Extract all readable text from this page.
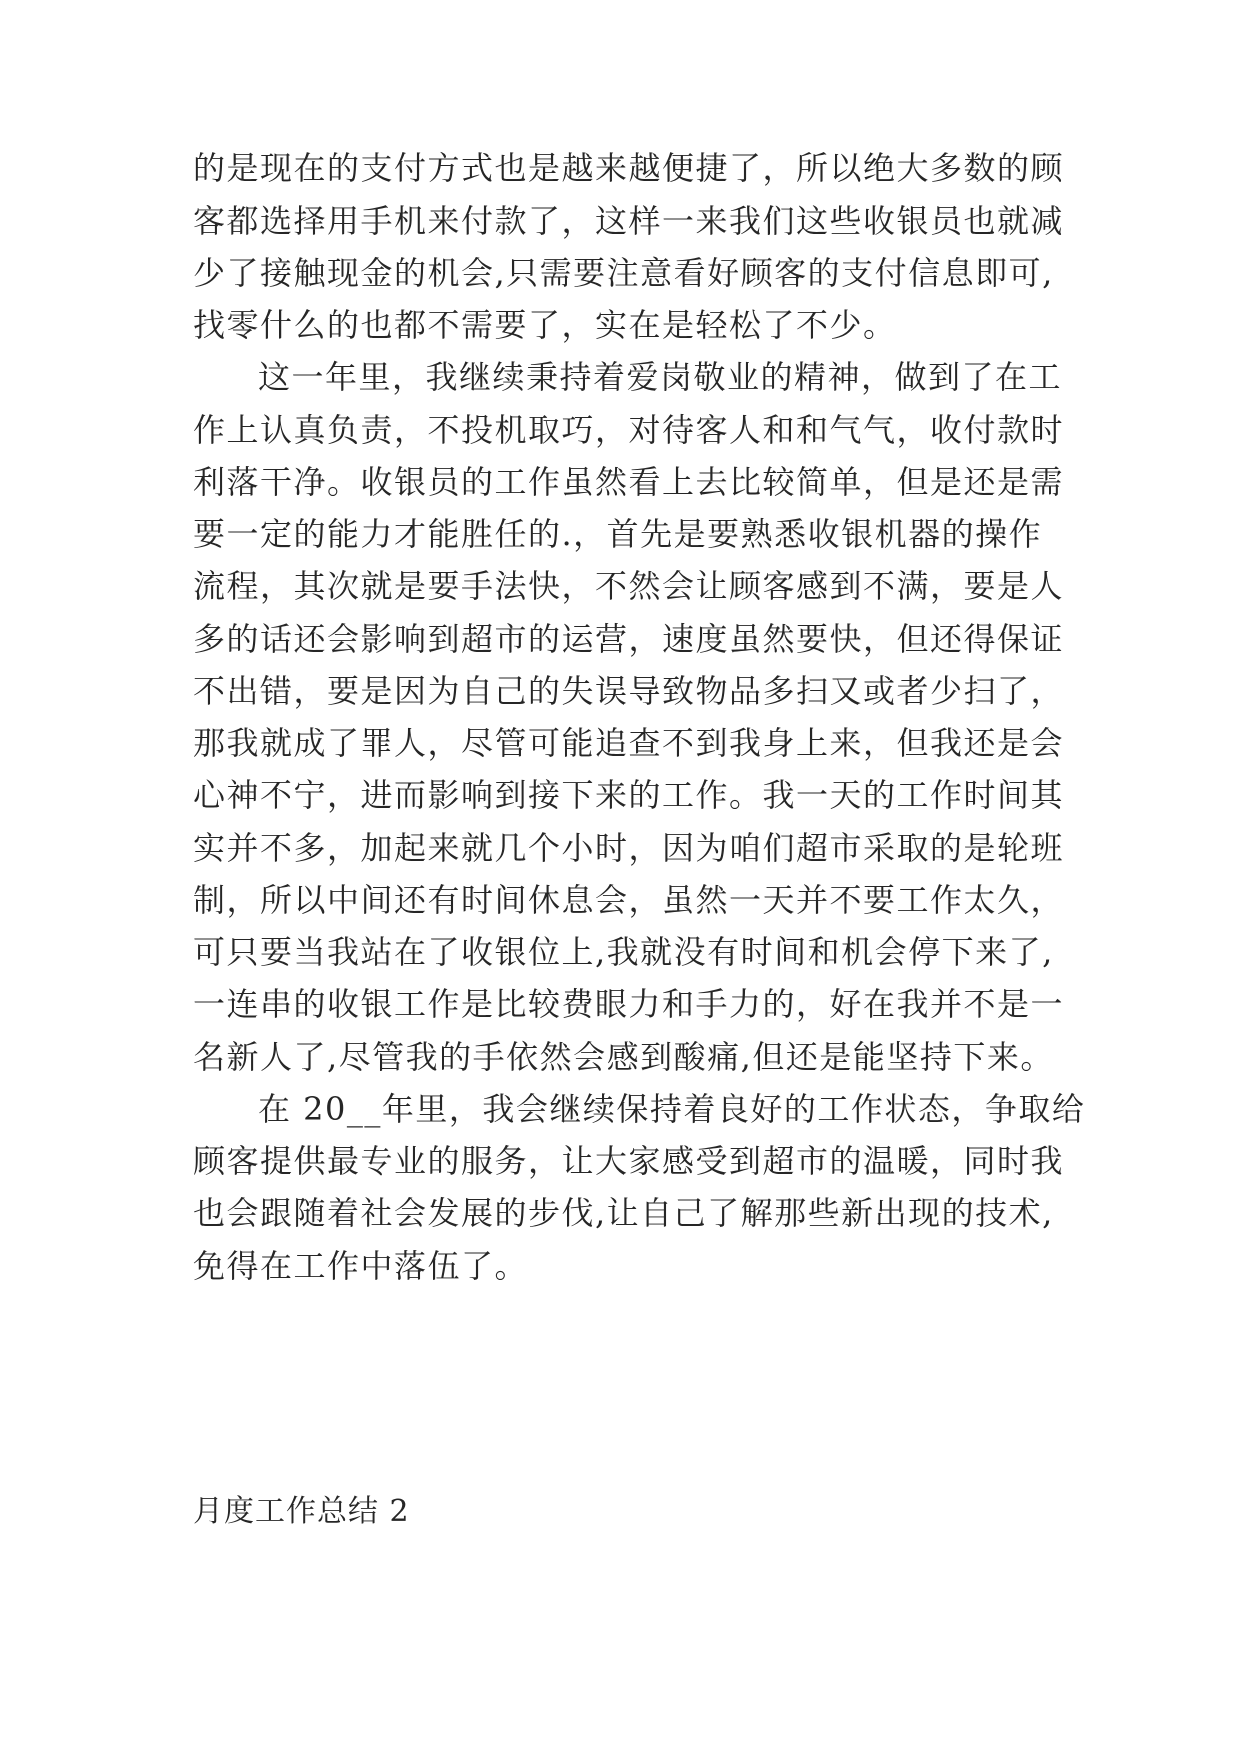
的是现在的支付方式也是越来越便捷了，所以绝大多数的顾
客都选择用手机来付款了，这样一来我们这些收银员也就减
少了接触现金的机会,只需要注意看好顾客的支付信息即可,
找零什么的也都不需要了，实在是轻松了不少。
这一年里，我继续秉持着爱岗敬业的精神，做到了在工
作上认真负责，不投机取巧，对待客人和和气气，收付款时
利落干净。收银员的工作虽然看上去比较简单，但是还是需
要一定的能力才能胜任的.，首先是要熟悉收银机器的操作
流程，其次就是要手法快，不然会让顾客感到不满，要是人
多的话还会影响到超市的运营，速度虽然要快，但还得保证
不出错，要是因为自己的失误导致物品多扫又或者少扫了，
那我就成了罪人，尽管可能追查不到我身上来，但我还是会
心神不宁，进而影响到接下来的工作。我一天的工作时间其
实并不多，加起来就几个小时，因为咱们超市采取的是轮班
制，所以中间还有时间休息会，虽然一天并不要工作太久，
可只要当我站在了收银位上,我就没有时间和机会停下来了,
一连串的收银工作是比较费眼力和手力的，好在我并不是一
名新人了,尽管我的手依然会感到酸痛,但还是能坚持下来。
在 20__年里，我会继续保持着良好的工作状态，争取给
顾客提供最专业的服务，让大家感受到超市的温暖，同时我
也会跟随着社会发展的步伐,让自己了解那些新出现的技术,
免得在工作中落伍了。
月度工作总结 2
